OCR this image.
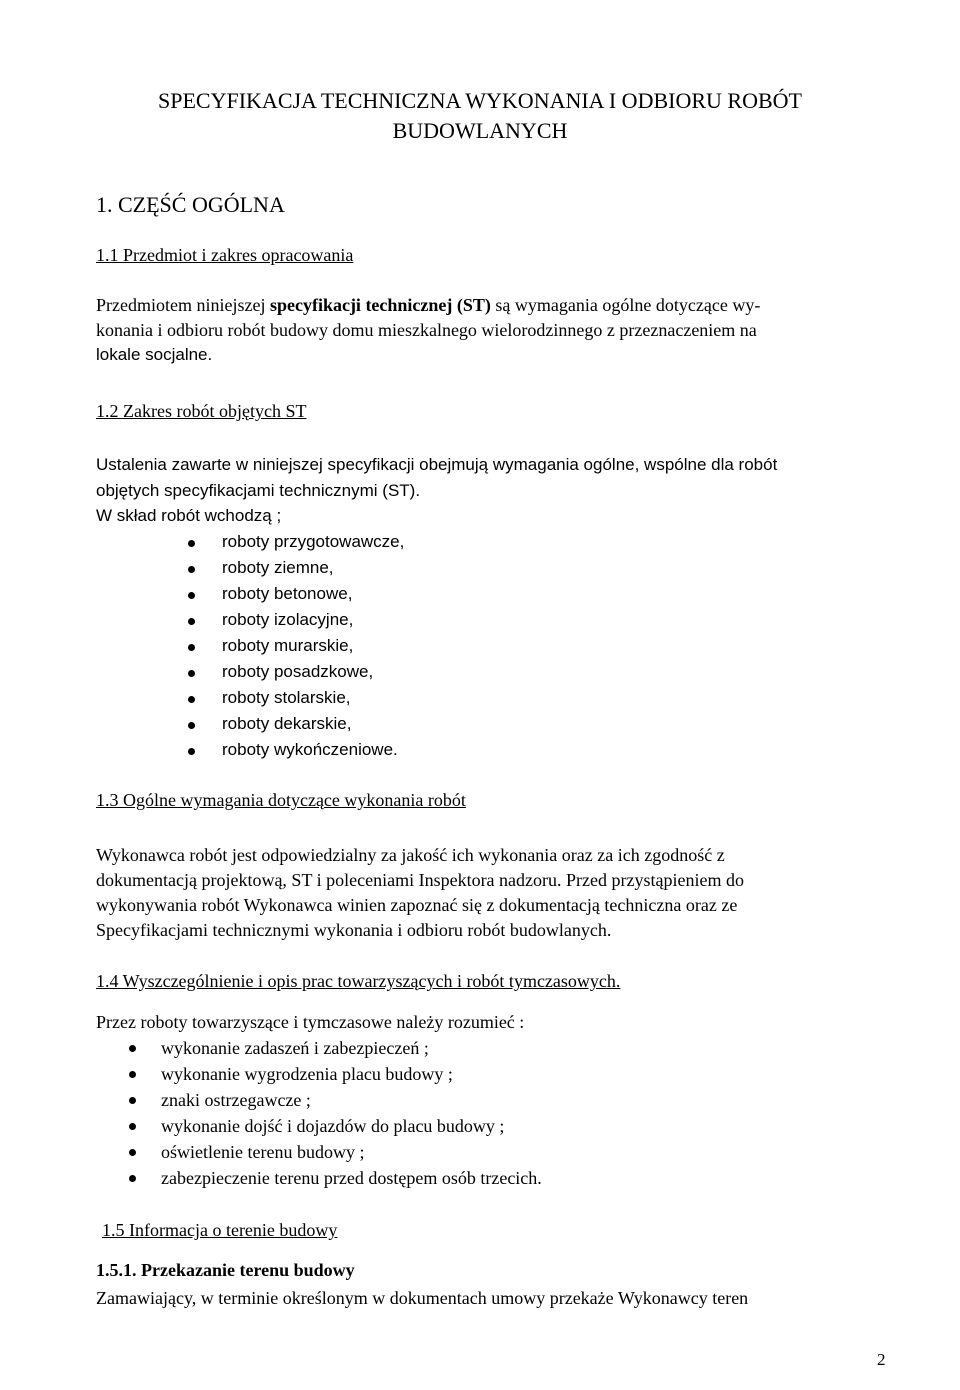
SPECYFIKACJA TECHNICZNA WYKONANIA I ODBIORU ROBÓT
BUDOWLANYCH
1. CZĘŚĆ OGÓLNA
1.1 Przedmiot i zakres opracowania
Przedmiotem niniejszej specyfikacji technicznej (ST) są wymagania ogólne dotyczące wy-
konania i odbioru robót budowy domu mieszkalnego wielorodzinnego z przeznaczeniem na
lokale socjalne.
1.2 Zakres robót objętych ST
Ustalenia zawarte w niniejszej specyfikacji obejmują wymagania ogólne, wspólne dla robót
objętych specyfikacjami technicznymi (ST).
W skład robót wchodzą ;
roboty przygotowawcze,
roboty ziemne,
roboty betonowe,
roboty izolacyjne,
roboty murarskie,
roboty posadzkowe,
roboty stolarskie,
roboty dekarskie,
roboty wykończeniowe.
1.3 Ogólne wymagania dotyczące wykonania robót
Wykonawca robót jest odpowiedzialny za jakość ich wykonania oraz za ich zgodność z
dokumentacją projektową, ST i poleceniami Inspektora nadzoru. Przed przystąpieniem do
wykonywania robót Wykonawca winien zapoznać się z dokumentacją techniczna oraz ze
Specyfikacjami technicznymi wykonania i odbioru robót budowlanych.
1.4 Wyszczególnienie i opis prac towarzyszących i robót tymczasowych.
Przez roboty towarzyszące i tymczasowe należy rozumieć :
wykonanie zadaszeń i zabezpieczeń ;
wykonanie wygrodzenia placu budowy ;
znaki ostrzegawcze ;
wykonanie dojść i dojazdów do placu budowy ;
oświetlenie terenu budowy ;
zabezpieczenie terenu przed dostępem osób trzecich.
1.5 Informacja o terenie budowy
1.5.1. Przekazanie terenu budowy
Zamawiający, w terminie określonym w dokumentach umowy przekaże Wykonawcy teren
2
